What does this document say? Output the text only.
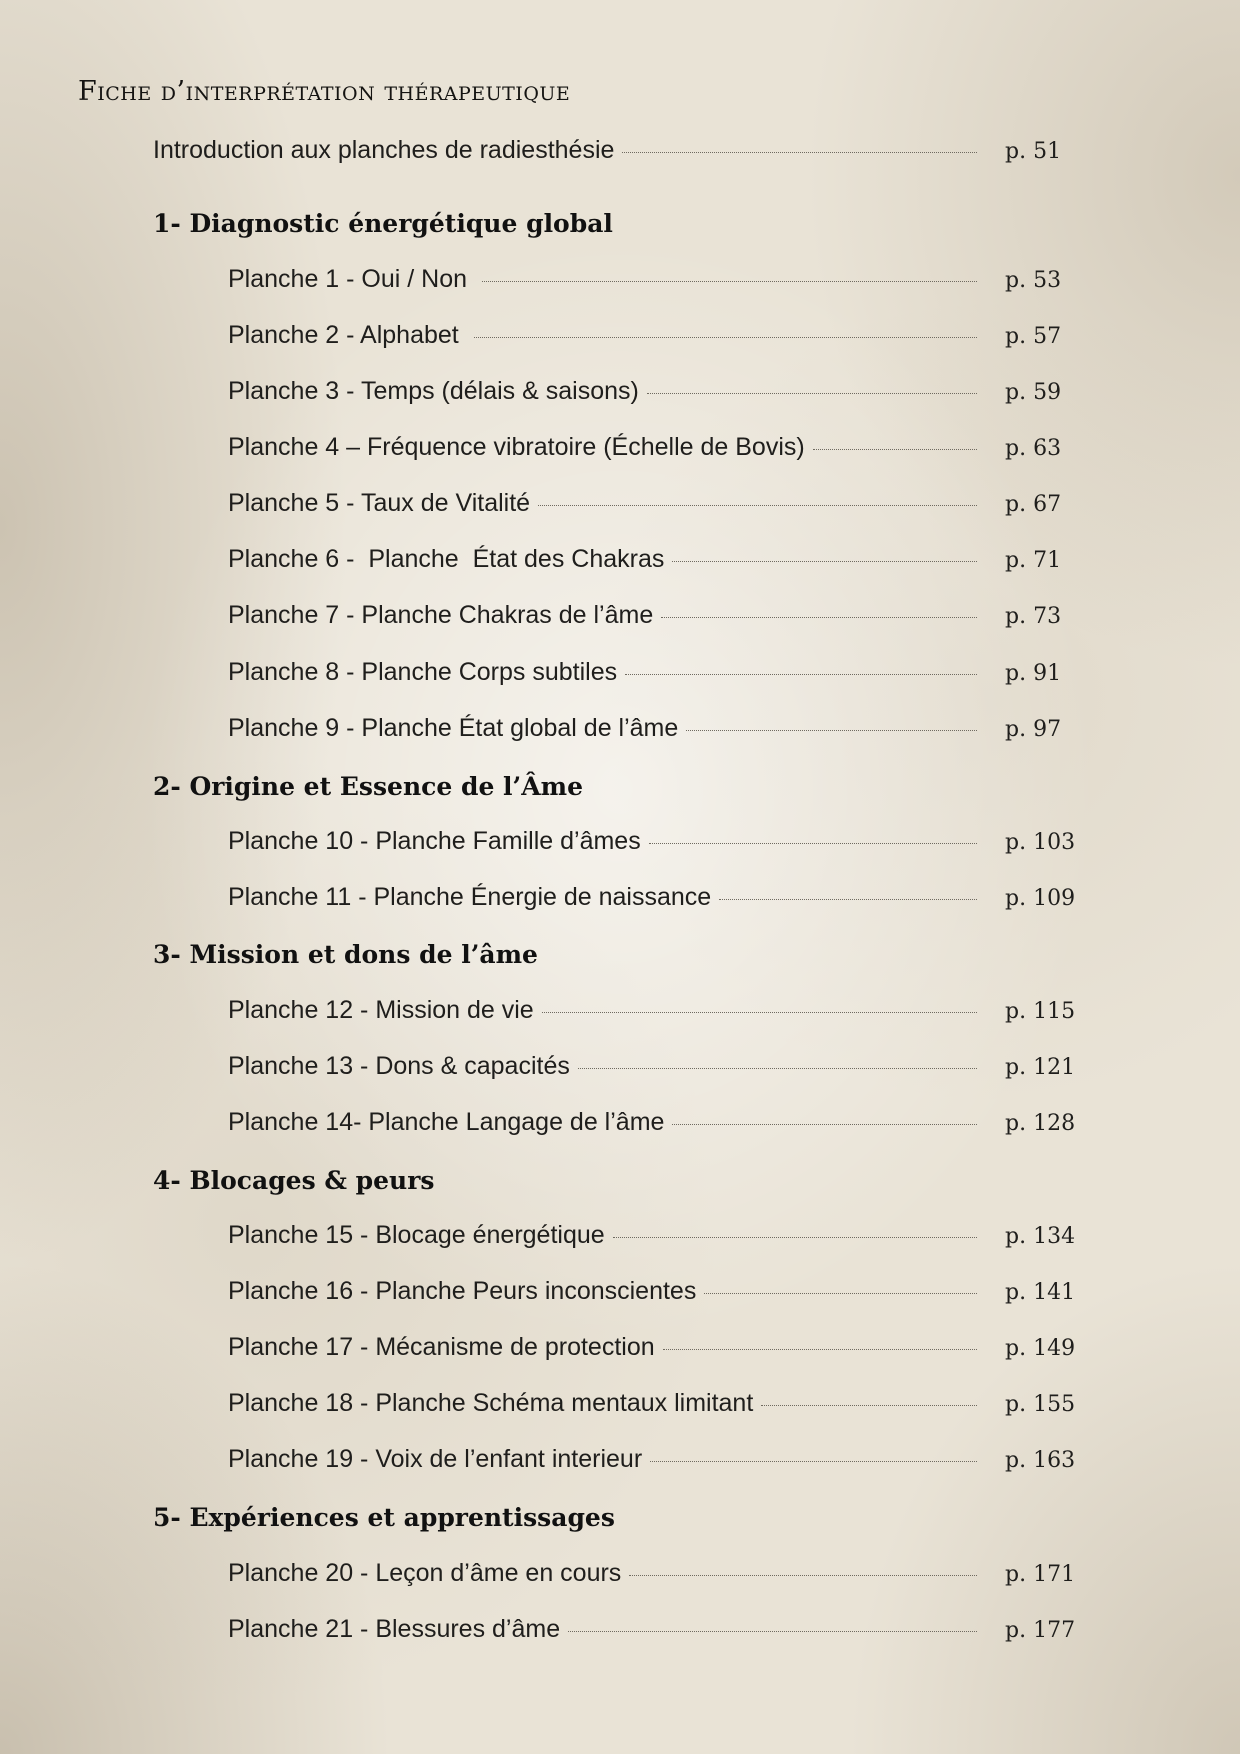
Fiche d’interprétation thérapeutique
Introduction aux planches de radiesthésie	p. 51
1- Diagnostic énergétique global
Planche 1 - Oui / Non	p. 53
Planche 2 - Alphabet	p. 57
Planche 3 - Temps (délais & saisons)	p. 59
Planche 4 – Fréquence vibratoire (Échelle de Bovis)	p. 63
Planche 5 - Taux de Vitalité	p. 67
Planche 6 -  Planche  État des Chakras	p. 71
Planche 7 - Planche Chakras de l’âme	p. 73
Planche 8 - Planche Corps subtiles	p. 91
Planche 9 - Planche État global de l’âme	p. 97
2- Origine et Essence de l’Âme
Planche 10 - Planche Famille d’âmes	p. 103
Planche 11 - Planche Énergie de naissance	p. 109
3- Mission et dons de l’âme
Planche 12 - Mission de vie	p. 115
Planche 13 - Dons & capacités	p. 121
Planche 14- Planche Langage de l’âme	p. 128
4- Blocages & peurs
Planche 15 - Blocage énergétique	p. 134
Planche 16 - Planche Peurs inconscientes	p. 141
Planche 17 - Mécanisme de protection	p. 149
Planche 18 - Planche Schéma mentaux limitant	p. 155
Planche 19 - Voix de l’enfant interieur	p. 163
5- Expériences et apprentissages
Planche 20 - Leçon d’âme en cours	p. 171
Planche 21 - Blessures d’âme	p. 177
